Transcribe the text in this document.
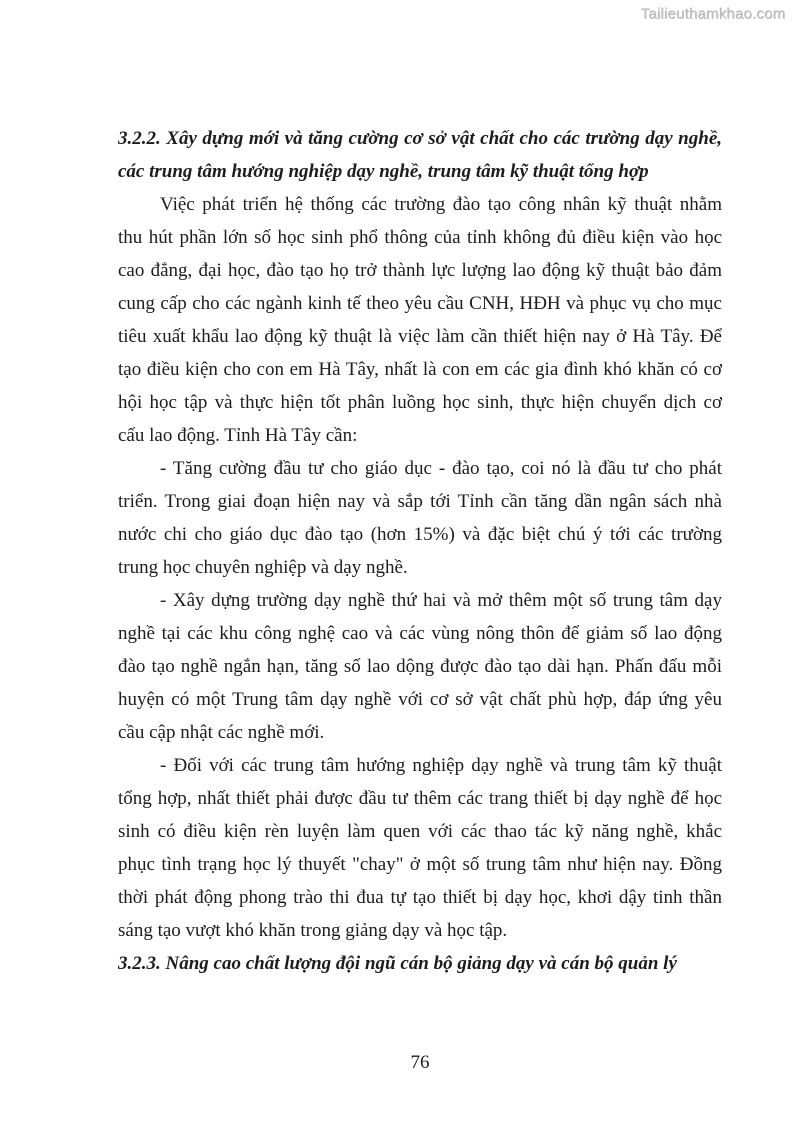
Tailieuthamkhao.com
3.2.2. Xây dựng mới và tăng cường cơ sở vật chất cho các trường dạy nghề,
các trung tâm hướng nghiệp dạy nghề, trung tâm kỹ thuật tổng hợp
Việc phát triển hệ thống các trường đào tạo công nhân kỹ thuật nhằm
thu hút phần lớn số học sinh phổ thông của tỉnh không đủ điều kiện vào học
cao đẳng, đại học, đào tạo họ trở thành lực lượng lao động kỹ thuật bảo đảm
cung cấp cho các ngành kinh tế theo yêu cầu CNH, HĐH và phục vụ cho mục
tiêu xuất khẩu lao động kỹ thuật là việc làm cần thiết hiện nay ở Hà Tây. Để
tạo điều kiện cho con em Hà Tây, nhất là con em các gia đình khó khăn có cơ
hội học tập và thực hiện tốt phân luồng học sinh, thực hiện chuyển dịch cơ
cấu lao động. Tỉnh Hà Tây cần:
- Tăng cường đầu tư cho giáo dục - đào tạo, coi nó là đầu tư cho phát
triển. Trong giai đoạn hiện nay và sắp tới Tỉnh cần tăng dần ngân sách nhà
nước chi cho giáo dục đào tạo (hơn 15%) và đặc biệt chú ý tới các trường
trung học chuyên nghiệp và dạy nghề.
- Xây dựng trường dạy nghề thứ hai và mở thêm một số trung tâm dạy
nghề tại các khu công nghệ cao và các vùng nông thôn để giảm số lao động
đào tạo nghề ngắn hạn, tăng số lao dộng được đào tạo dài hạn. Phấn đấu mỗi
huyện có một Trung tâm dạy nghề với cơ sở vật chất phù hợp, đáp ứng yêu
cầu cập nhật các nghề mới.
- Đối với các trung tâm hướng nghiệp dạy nghề và trung tâm kỹ thuật
tổng hợp, nhất thiết phải được đầu tư thêm các trang thiết bị dạy nghề để học
sinh có điều kiện rèn luyện làm quen với các thao tác kỹ năng nghề, khắc
phục tình trạng học lý thuyết "chay" ở một số trung tâm như hiện nay. Đồng
thời phát động phong trào thi đua tự tạo thiết bị dạy học, khơi dậy tinh thần
sáng tạo vượt khó khăn trong giảng dạy và học tập.
3.2.3. Nâng cao chất lượng đội ngũ cán bộ giảng dạy và cán bộ quản lý
76
